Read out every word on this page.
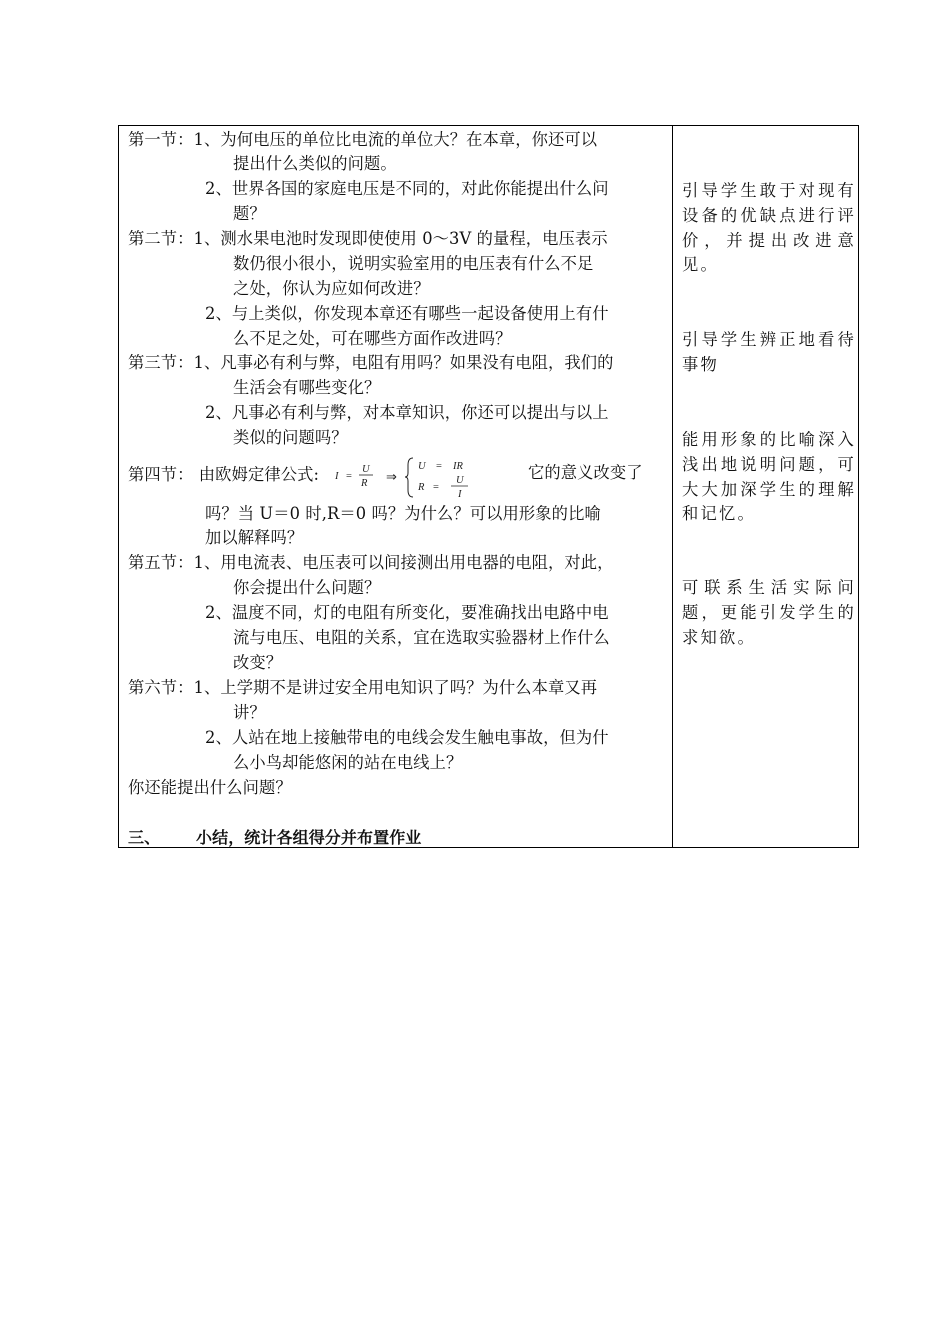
第一节：1、为何电压的单位比电流的单位大？在本章，你还可以
提出什么类似的问题。
2、世界各国的家庭电压是不同的，对此你能提出什么问
题？
第二节：1、测水果电池时发现即使使用 0～3V 的量程，电压表示
数仍很小很小，说明实验室用的电压表有什么不足
之处，你认为应如何改进？
2、与上类似，你发现本章还有哪些一起设备使用上有什
么不足之处，可在哪些方面作改进吗？
第三节：1、凡事必有利与弊，电阻有用吗？如果没有电阻，我们的
生活会有哪些变化？
2、凡事必有利与弊，对本章知识，你还可以提出与以上
类似的问题吗？
第四节： 由欧姆定律公式: I =
U
R ⇒
U = IR
R =
U
I
它的意义改变了
吗？当 U＝0 时,R＝0 吗？为什么？可以用形象的比喻
加以解释吗？
第五节：1、用电流表、电压表可以间接测出用电器的电阻，对此，
你会提出什么问题？
2、温度不同，灯的电阻有所变化，要准确找出电路中电
流与电压、电阻的关系，宜在选取实验器材上作什么
改变？
第六节：1、上学期不是讲过安全用电知识了吗？为什么本章又再
讲？
2、人站在地上接触带电的电线会发生触电事故，但为什
么小鸟却能悠闲的站在电线上？
你还能提出什么问题？
三、 小结，统计各组得分并布置作业
引导学生敢于对现有设备的优缺点进行评价，并提出改进意见。
引导学生辨正地看待事物
能用形象的比喻深入浅出地说明问题，可大大加深学生的理解和记忆。
可联系生活实际问题，更能引发学生的求知欲。
